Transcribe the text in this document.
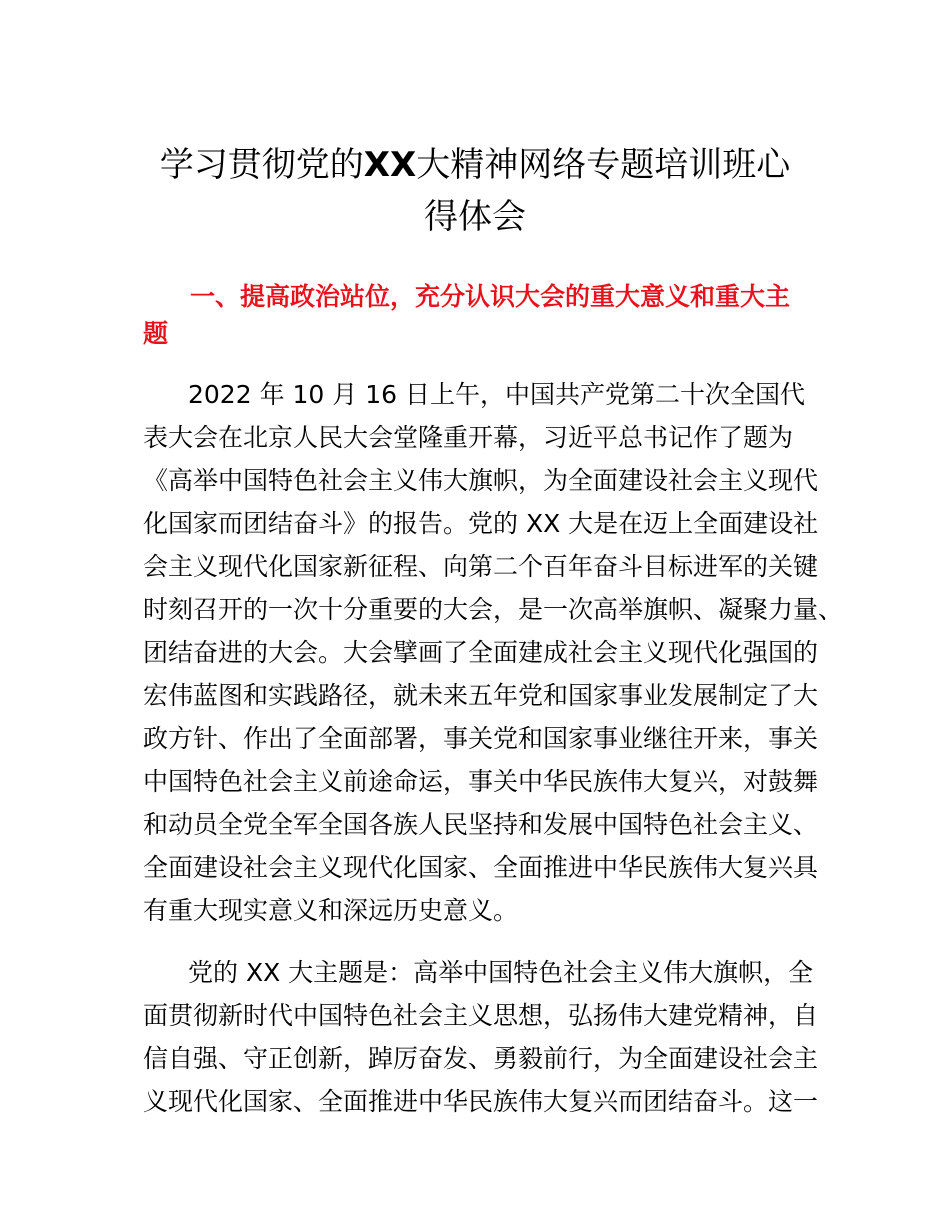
学习贯彻党的XX大精神网络专题培训班心
得体会
一、提高政治站位，充分认识大会的重大意义和重大主
题
2022 年 10 月 16 日上午，中国共产党第二十次全国代
表大会在北京人民大会堂隆重开幕，习近平总书记作了题为
《高举中国特色社会主义伟大旗帜，为全面建设社会主义现代
化国家而团结奋斗》的报告。党的 XX 大是在迈上全面建设社
会主义现代化国家新征程、向第二个百年奋斗目标进军的关键
时刻召开的一次十分重要的大会，是一次高举旗帜、凝聚力量、
团结奋进的大会。大会擘画了全面建成社会主义现代化强国的
宏伟蓝图和实践路径，就未来五年党和国家事业发展制定了大
政方针、作出了全面部署，事关党和国家事业继往开来，事关
中国特色社会主义前途命运，事关中华民族伟大复兴，对鼓舞
和动员全党全军全国各族人民坚持和发展中国特色社会主义、
全面建设社会主义现代化国家、全面推进中华民族伟大复兴具
有重大现实意义和深远历史意义。
党的 XX 大主题是：高举中国特色社会主义伟大旗帜，全
面贯彻新时代中国特色社会主义思想，弘扬伟大建党精神，自
信自强、守正创新，踔厉奋发、勇毅前行，为全面建设社会主
义现代化国家、全面推进中华民族伟大复兴而团结奋斗。这一
